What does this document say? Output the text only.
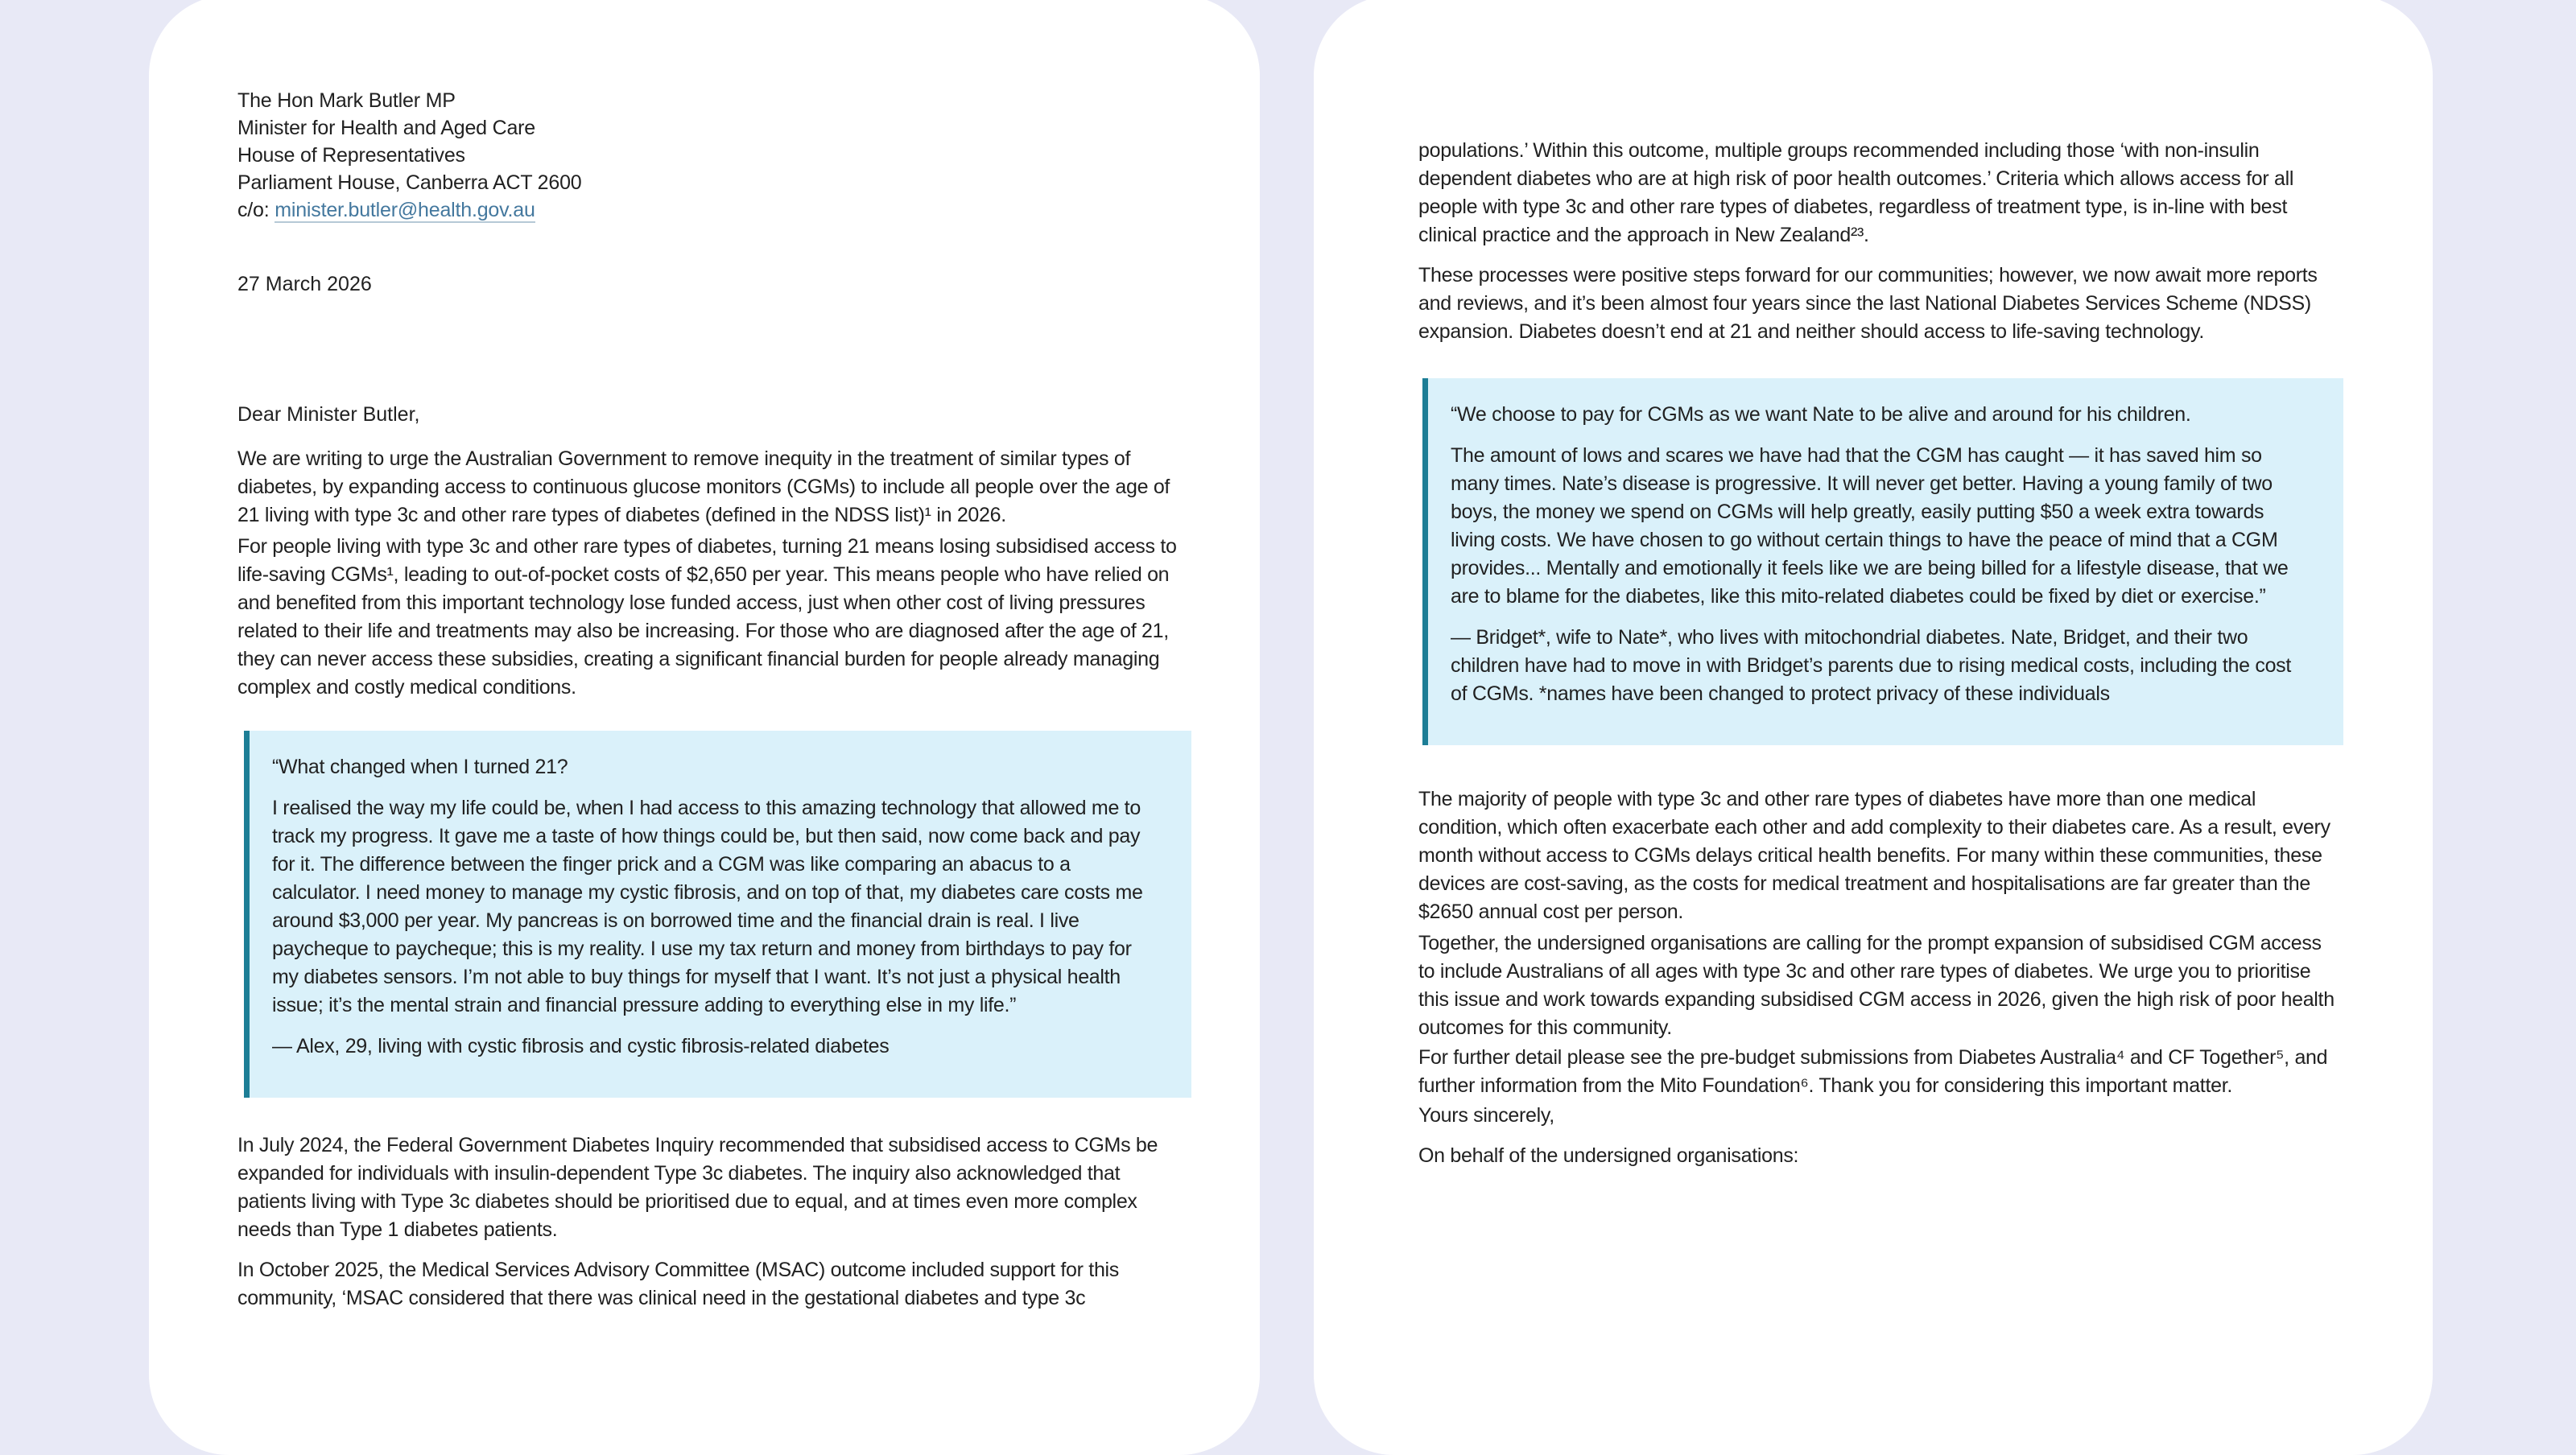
The Hon Mark Butler MP
Minister for Health and Aged Care
House of Representatives
Parliament House, Canberra ACT 2600
c/o: minister.butler@health.gov.au
27 March 2026
Dear Minister Butler,

We are writing to urge the Australian Government to remove inequity in the treatment of similar types of diabetes, by expanding access to continuous glucose monitors (CGMs) to include all people over the age of 21 living with type 3c and other rare types of diabetes (defined in the NDSS list)¹ in 2026.

For people living with type 3c and other rare types of diabetes, turning 21 means losing subsidised access to life-saving CGMs¹, leading to out-of-pocket costs of $2,650 per year. This means people who have relied on and benefited from this important technology lose funded access, just when other cost of living pressures related to their life and treatments may also be increasing. For those who are diagnosed after the age of 21, they can never access these subsidies, creating a significant financial burden for people already managing complex and costly medical conditions.

“What changed when I turned 21?

I realised the way my life could be, when I had access to this amazing technology that allowed me to track my progress. It gave me a taste of how things could be, but then said, now come back and pay for it. The difference between the finger prick and a CGM was like comparing an abacus to a calculator. I need money to manage my cystic fibrosis, and on top of that, my diabetes care costs me around $3,000 per year. My pancreas is on borrowed time and the financial drain is real. I live paycheque to paycheque; this is my reality. I use my tax return and money from birthdays to pay for my diabetes sensors. I’m not able to buy things for myself that I want. It’s not just a physical health issue; it’s the mental strain and financial pressure adding to everything else in my life.”

— Alex, 29, living with cystic fibrosis and cystic fibrosis-related diabetes

In July 2024, the Federal Government Diabetes Inquiry recommended that subsidised access to CGMs be expanded for individuals with insulin-dependent Type 3c diabetes. The inquiry also acknowledged that patients living with Type 3c diabetes should be prioritised due to equal, and at times even more complex needs than Type 1 diabetes patients.

In October 2025, the Medical Services Advisory Committee (MSAC) outcome included support for this community, ‘MSAC considered that there was clinical need in the gestational diabetes and type 3c

populations.’ Within this outcome, multiple groups recommended including those ‘with non-insulin dependent diabetes who are at high risk of poor health outcomes.’ Criteria which allows access for all people with type 3c and other rare types of diabetes, regardless of treatment type, is in-line with best clinical practice and the approach in New Zealand²³.

These processes were positive steps forward for our communities; however, we now await more reports and reviews, and it’s been almost four years since the last National Diabetes Services Scheme (NDSS) expansion. Diabetes doesn’t end at 21 and neither should access to life-saving technology.

“We choose to pay for CGMs as we want Nate to be alive and around for his children.

The amount of lows and scares we have had that the CGM has caught — it has saved him so many times. Nate’s disease is progressive. It will never get better. Having a young family of two boys, the money we spend on CGMs will help greatly, easily putting $50 a week extra towards living costs. We have chosen to go without certain things to have the peace of mind that a CGM provides... Mentally and emotionally it feels like we are being billed for a lifestyle disease, that we are to blame for the diabetes, like this mito-related diabetes could be fixed by diet or exercise.”

— Bridget*, wife to Nate*, who lives with mitochondrial diabetes. Nate, Bridget, and their two children have had to move in with Bridget’s parents due to rising medical costs, including the cost of CGMs. *names have been changed to protect privacy of these individuals

The majority of people with type 3c and other rare types of diabetes have more than one medical condition, which often exacerbate each other and add complexity to their diabetes care. As a result, every month without access to CGMs delays critical health benefits. For many within these communities, these devices are cost-saving, as the costs for medical treatment and hospitalisations are far greater than the $2650 annual cost per person.

Together, the undersigned organisations are calling for the prompt expansion of subsidised CGM access to include Australians of all ages with type 3c and other rare types of diabetes. We urge you to prioritise this issue and work towards expanding subsidised CGM access in 2026, given the high risk of poor health outcomes for this community.

For further detail please see the pre-budget submissions from Diabetes Australia⁴ and CF Together⁵, and further information from the Mito Foundation⁶. Thank you for considering this important matter.

Yours sincerely,

On behalf of the undersigned organisations:
